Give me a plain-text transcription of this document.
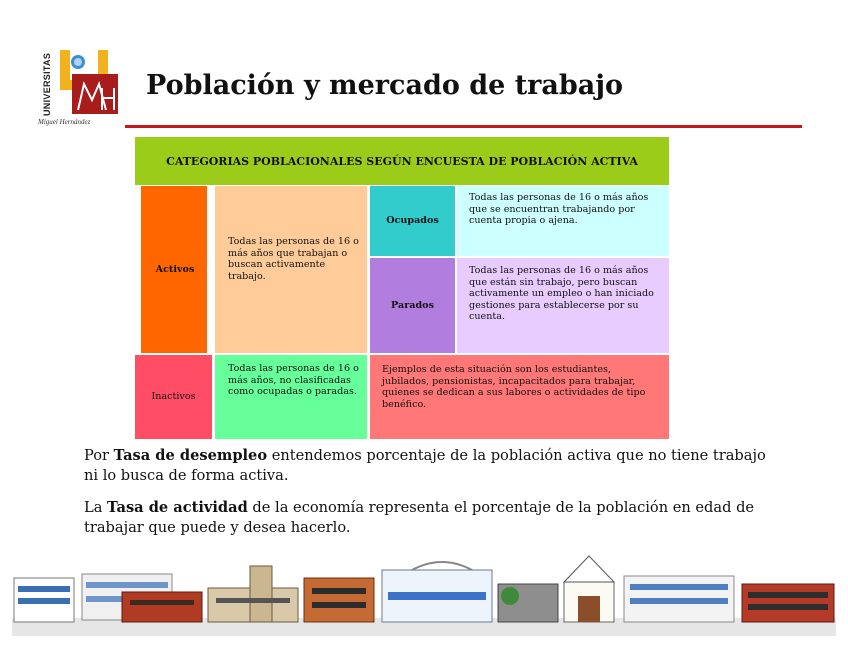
UNIVERSITAS
Miguel Hernández
Población y mercado de trabajo
CATEGORIAS POBLACIONALES SEGÚN ENCUESTA DE POBLACIÓN ACTIVA
Activos
Todas las personas de 16 o más años que trabajan o buscan activamente trabajo.
Ocupados
Todas las personas de 16 o más años que se encuentran trabajando por cuenta propia o ajena.
Parados
Todas las personas de 16 o más años que están sin trabajo, pero buscan activamente un empleo o han iniciado gestiones para establecerse por su cuenta.
Inactivos
Todas las personas de 16 o más años, no clasificadas como ocupadas o paradas.
Ejemplos de esta situación son los estudiantes, jubilados, pensionistas, incapacitados para trabajar, quienes se dedican a sus labores o actividades de tipo benéfico.
Por Tasa de desempleo entendemos porcentaje de la población activa que no tiene trabajo ni lo busca de forma activa.
La Tasa de actividad de la economía representa el porcentaje de la población en edad de trabajar que puede y desea hacerlo.
